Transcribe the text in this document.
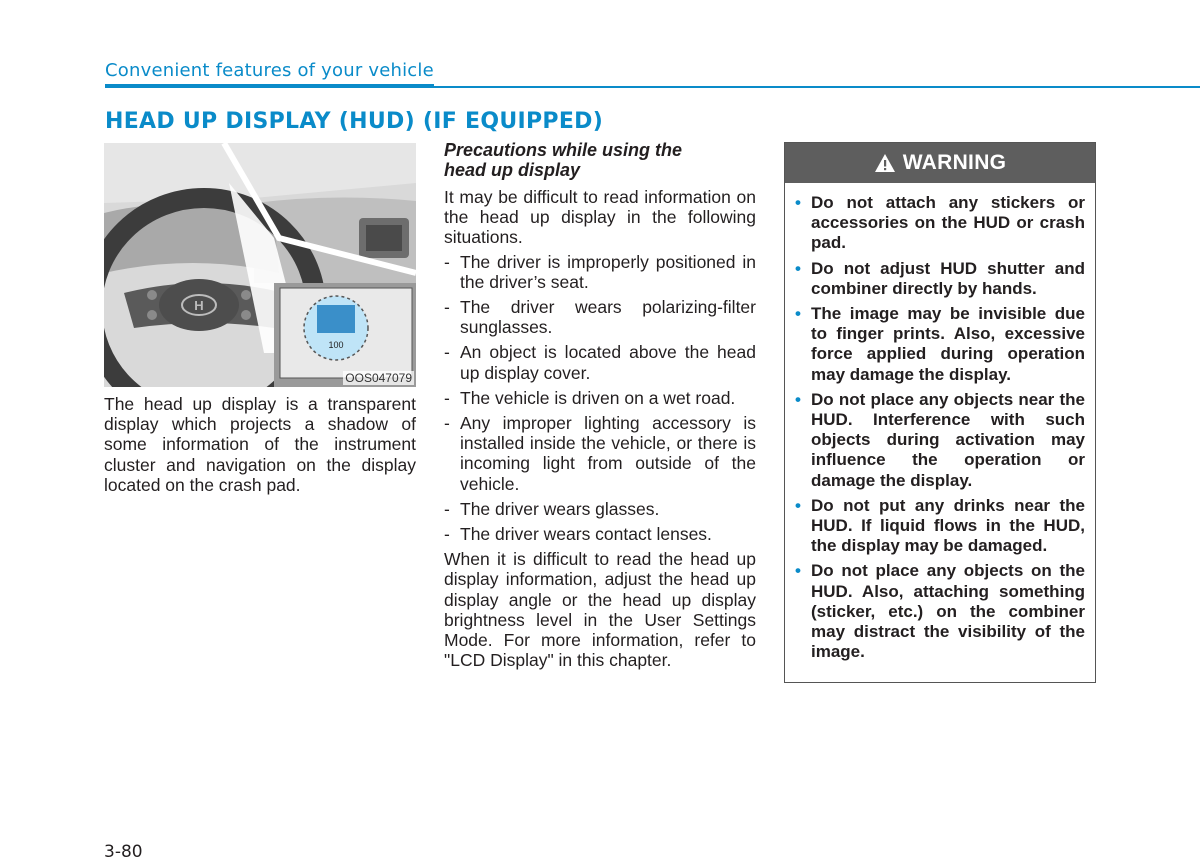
Convenient features of your vehicle
HEAD UP DISPLAY (HUD) (IF EQUIPPED)
H
100
OOS047079

The head up display is a transparent display which projects a shadow of some information of the instrument cluster and navigation on the display located on the crash pad.

Precautions while using the
head up display

It may be difficult to read information on the head up display in the following situations.

- The driver is improperly positioned in the driver’s seat.
- The driver wears polarizing-filter sunglasses.
- An object is located above the head up display cover.
- The vehicle is driven on a wet road.
- Any improper lighting accessory is installed inside the vehicle, or there is incoming light from outside of the vehicle.
- The driver wears glasses.
- The driver wears contact lenses.

When it is difficult to read the head up display information, adjust the head up display angle or the head up display brightness level in the User Settings Mode. For more information, refer to "LCD Display" in this chapter.

WARNING
• Do not attach any stickers or accessories on the HUD or crash pad.
• Do not adjust HUD shutter and combiner directly by hands.
• The image may be invisible due to finger prints. Also, excessive force applied during operation may damage the display.
• Do not place any objects near the HUD. Interference with such objects during activation may influence the operation or damage the display.
• Do not put any drinks near the HUD. If liquid flows in the HUD, the display may be damaged.
• Do not place any objects on the HUD. Also, attaching something (sticker, etc.) on the combiner may distract the visibility of the image.
3-80
